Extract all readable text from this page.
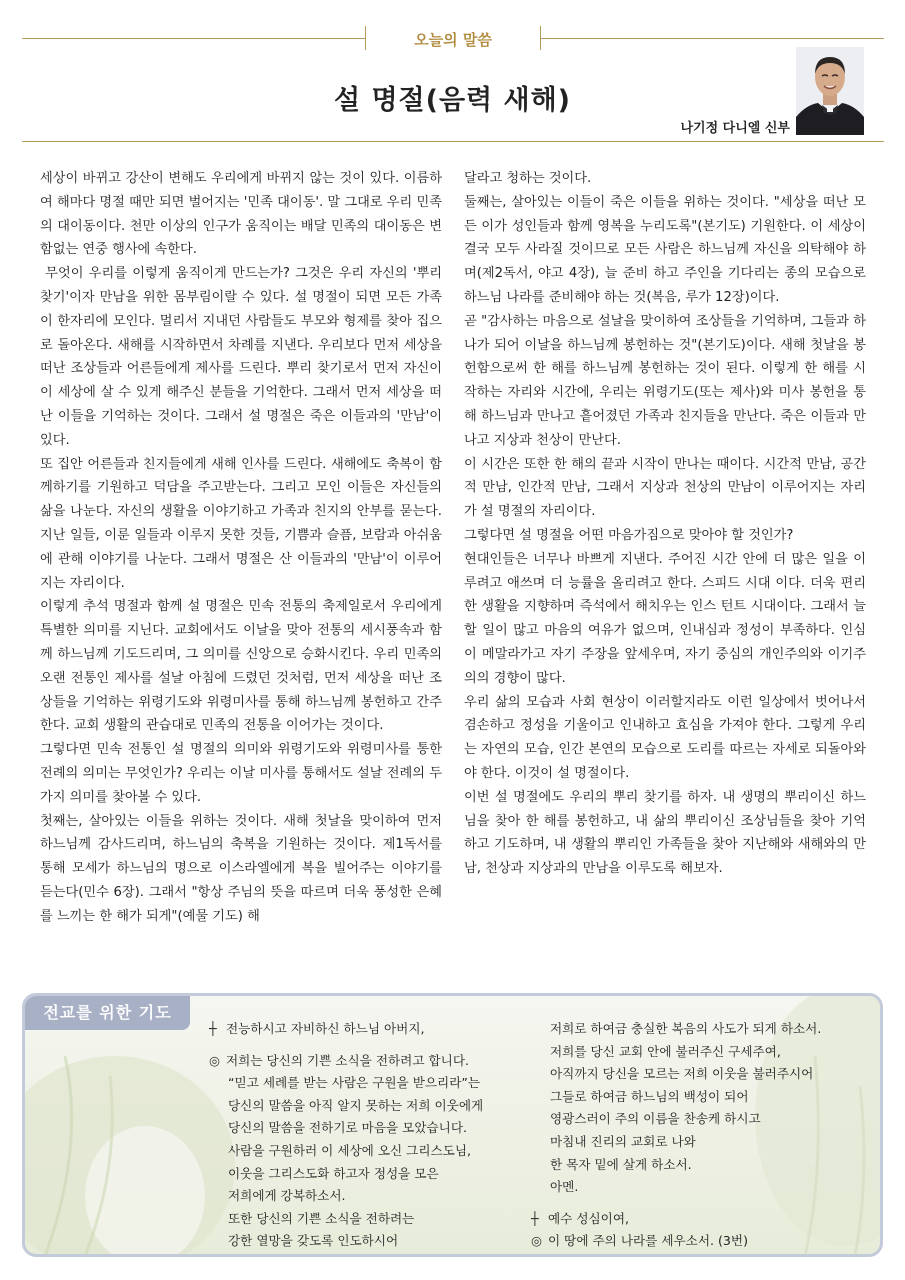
오늘의 말씀
설 명절(음력 새해)
나기정 다니엘 신부

세상이 바뀌고 강산이 변해도 우리에게 바뀌지 않는 것이 있다. 이름하여 해마다 명절 때만 되면 벌어지는 '민족 대이동'. 말 그대로 우리 민족의 대이동이다. 천만 이상의 인구가 움직이는 배달 민족의 대이동은 변함없는 연중 행사에 속한다.

무엇이 우리를 이렇게 움직이게 만드는가? 그것은 우리 자신의 '뿌리 찾기'이자 만남을 위한 몸부림이랄 수 있다. 설 명절이 되면 모든 가족이 한자리에 모인다. 멀리서 지내던 사람들도 부모와 형제를 찾아 집으로 돌아온다. 새해를 시작하면서 차례를 지낸다. 우리보다 먼저 세상을 떠난 조상들과 어른들에게 제사를 드린다. 뿌리 찾기로서 먼저 자신이 이 세상에 살 수 있게 해주신 분들을 기억한다. 그래서 먼저 세상을 떠난 이들을 기억하는 것이다. 그래서 설 명절은 죽은 이들과의 '만남'이 있다.

또 집안 어른들과 친지들에게 새해 인사를 드린다. 새해에도 축복이 함께하기를 기원하고 덕담을 주고받는다. 그리고 모인 이들은 자신들의 삶을 나눈다. 자신의 생활을 이야기하고 가족과 친지의 안부를 묻는다. 지난 일들, 이룬 일들과 이루지 못한 것들, 기쁨과 슬픔, 보람과 아쉬움에 관해 이야기를 나눈다. 그래서 명절은 산 이들과의 '만남'이 이루어지는 자리이다.

이렇게 추석 명절과 함께 설 명절은 민속 전통의 축제일로서 우리에게 특별한 의미를 지닌다. 교회에서도 이날을 맞아 전통의 세시풍속과 함께 하느님께 기도드리며, 그 의미를 신앙으로 승화시킨다. 우리 민족의 오랜 전통인 제사를 설날 아침에 드렸던 것처럼, 먼저 세상을 떠난 조상들을 기억하는 위령기도와 위령미사를 통해 하느님께 봉헌하고 간주한다. 교회 생활의 관습대로 민족의 전통을 이어가는 것이다.

그렇다면 민속 전통인 설 명절의 의미와 위령기도와 위령미사를 통한 전례의 의미는 무엇인가? 우리는 이날 미사를 통해서도 설날 전례의 두 가지 의미를 찾아볼 수 있다.

첫째는, 살아있는 이들을 위하는 것이다. 새해 첫날을 맞이하여 먼저 하느님께 감사드리며, 하느님의 축복을 기원하는 것이다. 제1독서를 통해 모세가 하느님의 명으로 이스라엘에게 복을 빌어주는 이야기를 듣는다(민수 6장). 그래서 "항상 주님의 뜻을 따르며 더욱 풍성한 은혜를 느끼는 한 해가 되게"(예물 기도) 해

달라고 청하는 것이다.

둘째는, 살아있는 이들이 죽은 이들을 위하는 것이다. "세상을 떠난 모든 이가 성인들과 함께 영복을 누리도록"(본기도) 기원한다. 이 세상이 결국 모두 사라질 것이므로 모든 사람은 하느님께 자신을 의탁해야 하며(제2독서, 야고 4장), 늘 준비 하고 주인을 기다리는 종의 모습으로 하느님 나라를 준비해야 하는 것(복음, 루가 12장)이다.

곧 "감사하는 마음으로 설날을 맞이하여 조상들을 기억하며, 그들과 하나가 되어 이날을 하느님께 봉헌하는 것"(본기도)이다. 새해 첫날을 봉헌함으로써 한 해를 하느님께 봉헌하는 것이 된다. 이렇게 한 해를 시작하는 자리와 시간에, 우리는 위령기도(또는 제사)와 미사 봉헌을 통해 하느님과 만나고 흩어졌던 가족과 친지들을 만난다. 죽은 이들과 만나고 지상과 천상이 만난다.

이 시간은 또한 한 해의 끝과 시작이 만나는 때이다. 시간적 만남, 공간적 만남, 인간적 만남, 그래서 지상과 천상의 만남이 이루어지는 자리가 설 명절의 자리이다.

그렇다면 설 명절을 어떤 마음가짐으로 맞아야 할 것인가?

현대인들은 너무나 바쁘게 지낸다. 주어진 시간 안에 더 많은 일을 이루려고 애쓰며 더 능률을 올리려고 한다. 스피드 시대 이다. 더욱 편리한 생활을 지향하며 즉석에서 해치우는 인스 턴트 시대이다. 그래서 늘 할 일이 많고 마음의 여유가 없으며, 인내심과 정성이 부족하다. 인심이 메말라가고 자기 주장을 앞세우며, 자기 중심의 개인주의와 이기주의의 경향이 많다.

우리 삶의 모습과 사회 현상이 이러할지라도 이런 일상에서 벗어나서 겸손하고 정성을 기울이고 인내하고 효심을 가져야 한다. 그렇게 우리는 자연의 모습, 인간 본연의 모습으로 도리를 따르는 자세로 되돌아와야 한다. 이것이 설 명절이다.

이번 설 명절에도 우리의 뿌리 찾기를 하자. 내 생명의 뿌리이신 하느님을 찾아 한 해를 봉헌하고, 내 삶의 뿌리이신 조상님들을 찾아 기억하고 기도하며, 내 생활의 뿌리인 가족들을 찾아 지난해와 새해와의 만남, 천상과 지상과의 만남을 이루도록 해보자.

전교를 위한 기도
┼ 전능하시고 자비하신 하느님 아버지,
◎ 저희는 당신의 기쁜 소식을 전하려고 합니다.
“믿고 세례를 받는 사람은 구원을 받으리라”는
당신의 말씀을 아직 알지 못하는 저희 이웃에게
당신의 말씀을 전하기로 마음을 모았습니다.
사람을 구원하러 이 세상에 오신 그리스도님,
이웃을 그리스도화 하고자 정성을 모은
저희에게 강복하소서.
또한 당신의 기쁜 소식을 전하려는
강한 열망을 갖도록 인도하시어
저희로 하여금 충실한 복음의 사도가 되게 하소서.
저희를 당신 교회 안에 불러주신 구세주여,
아직까지 당신을 모르는 저희 이웃을 불러주시어
그들로 하여금 하느님의 백성이 되어
영광스러이 주의 이름을 찬송케 하시고
마침내 진리의 교회로 나와
한 목자 밑에 살게 하소서.
아멘.
┼ 예수 성심이여,
◎ 이 땅에 주의 나라를 세우소서. (3번)
